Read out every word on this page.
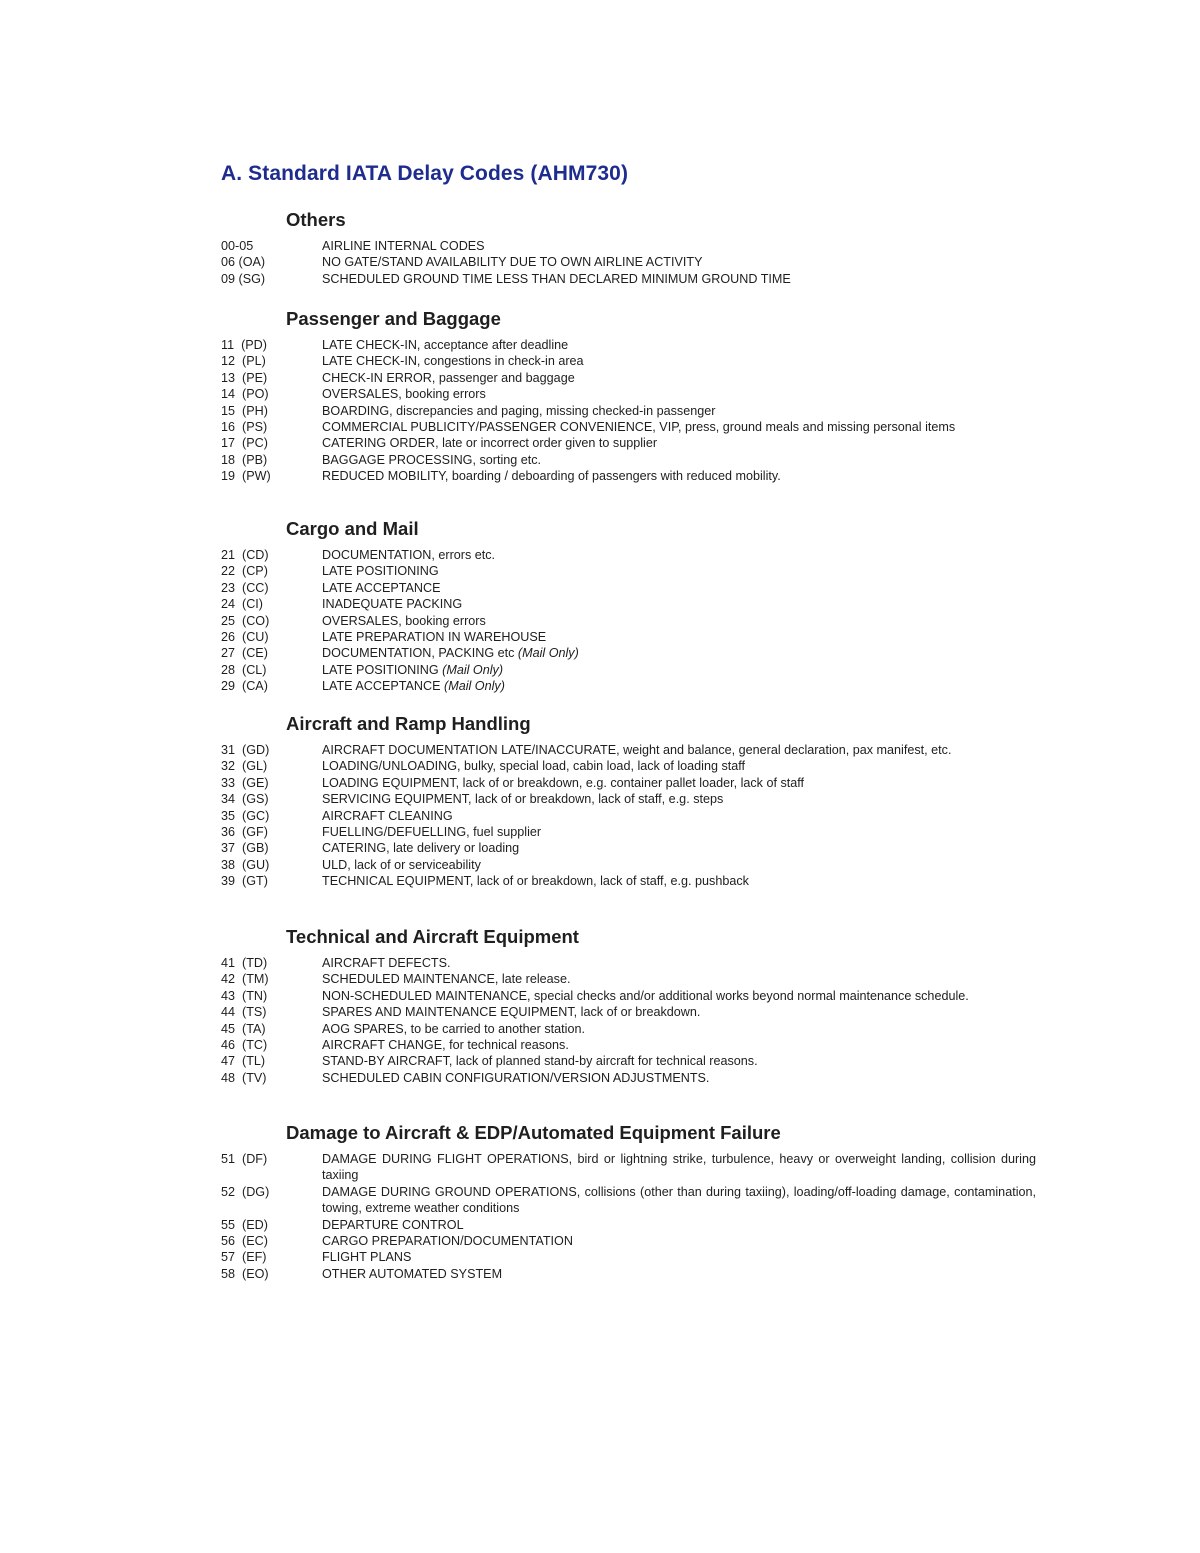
A. Standard IATA Delay Codes (AHM730)
Others
00-05	AIRLINE INTERNAL CODES
06 (OA)	NO GATE/STAND AVAILABILITY DUE TO OWN AIRLINE ACTIVITY
09 (SG)	SCHEDULED GROUND TIME LESS THAN DECLARED MINIMUM GROUND TIME
Passenger and Baggage
11  (PD)	LATE CHECK-IN, acceptance after deadline
12  (PL)	LATE CHECK-IN, congestions in check-in area
13  (PE)	CHECK-IN ERROR, passenger and baggage
14  (PO)	OVERSALES, booking errors
15  (PH)	BOARDING, discrepancies and paging, missing checked-in passenger
16  (PS)	COMMERCIAL PUBLICITY/PASSENGER CONVENIENCE, VIP, press, ground meals and missing personal items
17  (PC)	CATERING ORDER, late or incorrect order given to supplier
18  (PB)	BAGGAGE PROCESSING, sorting etc.
19  (PW)	REDUCED MOBILITY, boarding / deboarding of passengers with reduced mobility.
Cargo and Mail
21  (CD)	DOCUMENTATION, errors etc.
22  (CP)	LATE POSITIONING
23  (CC)	LATE ACCEPTANCE
24  (CI)	INADEQUATE PACKING
25  (CO)	OVERSALES, booking errors
26  (CU)	LATE PREPARATION IN WAREHOUSE
27  (CE)	DOCUMENTATION, PACKING etc (Mail Only)
28  (CL)	LATE POSITIONING (Mail Only)
29  (CA)	LATE ACCEPTANCE (Mail Only)
Aircraft and Ramp Handling
31  (GD)	AIRCRAFT DOCUMENTATION LATE/INACCURATE, weight and balance, general declaration, pax manifest, etc.
32  (GL)	LOADING/UNLOADING, bulky, special load, cabin load, lack of loading staff
33  (GE)	LOADING EQUIPMENT, lack of or breakdown, e.g. container pallet loader, lack of staff
34  (GS)	SERVICING EQUIPMENT, lack of or breakdown, lack of staff, e.g. steps
35  (GC)	AIRCRAFT CLEANING
36  (GF)	FUELLING/DEFUELLING, fuel supplier
37  (GB)	CATERING, late delivery or loading
38  (GU)	ULD, lack of or serviceability
39  (GT)	TECHNICAL EQUIPMENT, lack of or breakdown, lack of staff, e.g. pushback
Technical and Aircraft Equipment
41  (TD)	AIRCRAFT DEFECTS.
42  (TM)	SCHEDULED MAINTENANCE, late release.
43  (TN)	NON-SCHEDULED MAINTENANCE, special checks and/or additional works beyond normal maintenance schedule.
44  (TS)	SPARES AND MAINTENANCE EQUIPMENT, lack of or breakdown.
45  (TA)	AOG SPARES, to be carried to another station.
46  (TC)	AIRCRAFT CHANGE, for technical reasons.
47  (TL)	STAND-BY AIRCRAFT, lack of planned stand-by aircraft for technical reasons.
48  (TV)	SCHEDULED CABIN CONFIGURATION/VERSION ADJUSTMENTS.
Damage to Aircraft & EDP/Automated Equipment Failure
51  (DF)	DAMAGE DURING FLIGHT OPERATIONS, bird or lightning strike, turbulence, heavy or overweight landing, collision during taxiing
52  (DG)	DAMAGE DURING GROUND OPERATIONS, collisions (other than during taxiing), loading/off-loading damage, contamination, towing, extreme weather conditions
55  (ED)	DEPARTURE CONTROL
56  (EC)	CARGO PREPARATION/DOCUMENTATION
57  (EF)	FLIGHT PLANS
58  (EO)	OTHER AUTOMATED SYSTEM
